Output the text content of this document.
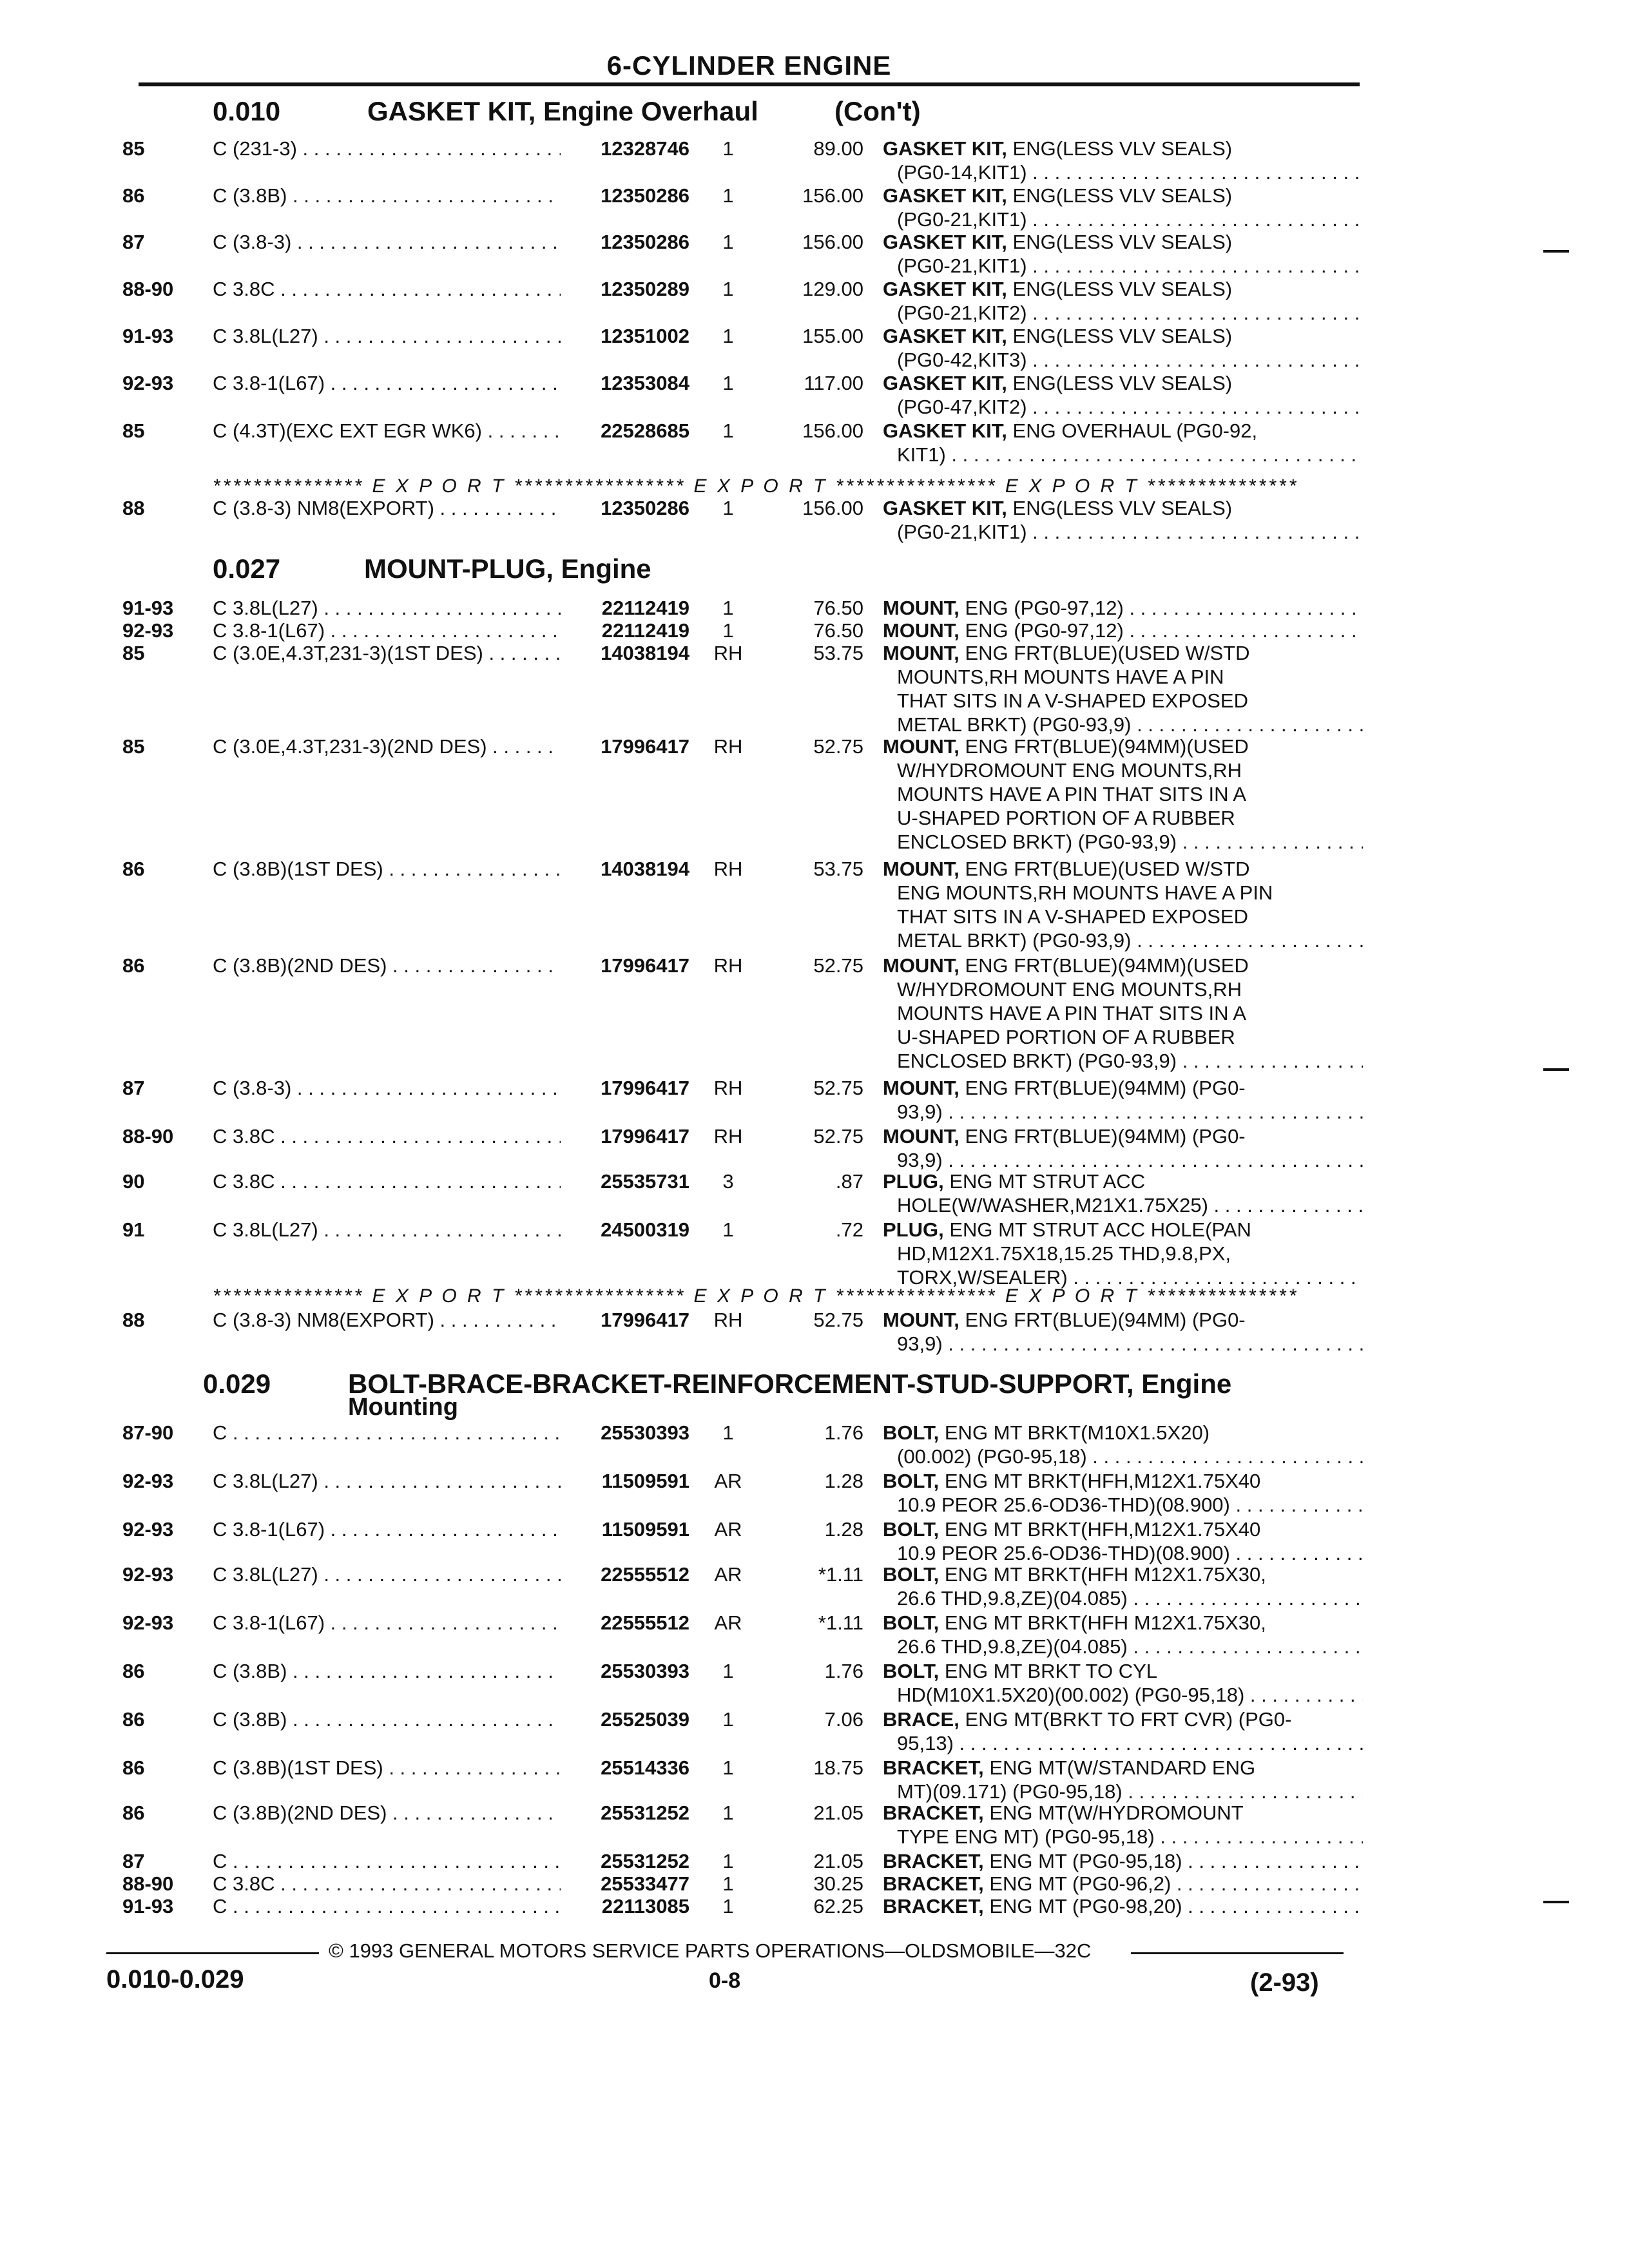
6-CYLINDER ENGINE
0.010	GASKET KIT, Engine Overhaul	(Con't)
85	C (231-3) . . .	12328746	1	89.00 GASKET KIT, ENG(LESS VLV SEALS)
(PG0-14,KIT1) . . .
86	C (3.8B) . . .	12350286	1	156.00 GASKET KIT, ENG(LESS VLV SEALS)
(PG0-21,KIT1) . . .
87	C (3.8-3) . . .	12350286	1	156.00 GASKET KIT, ENG(LESS VLV SEALS)
(PG0-21,KIT1) . . .
88-90 C 3.8C . . .	12350289	1	129.00 GASKET KIT, ENG(LESS VLV SEALS)
(PG0-21,KIT2) . . .
91-93 C 3.8L(L27) . . .	12351002	1	155.00 GASKET KIT, ENG(LESS VLV SEALS)
(PG0-42,KIT3) . . .
92-93 C 3.8-1(L67) . . .	12353084	1	117.00 GASKET KIT, ENG(LESS VLV SEALS)
(PG0-47,KIT2) . . .
85	C (4.3T)(EXC EXT EGR WK6) . . .	22528685	1	156.00 GASKET KIT, ENG OVERHAUL (PG0-92,
KIT1) . . .
*************** E X P O R T ***************** E X P O R T **************** E X P O R T ***************
88	C (3.8-3) NM8(EXPORT) . . .	12350286	1	156.00 GASKET KIT, ENG(LESS VLV SEALS)
(PG0-21,KIT1) . . .
0.027	MOUNT-PLUG, Engine
91-93 C 3.8L(L27) . . .	22112419	1	76.50 MOUNT, ENG (PG0-97,12) . . .
92-93 C 3.8-1(L67) . . .	22112419	1	76.50 MOUNT, ENG (PG0-97,12) . . .
85	C (3.0E,4.3T,231-3)(1ST DES) . . .	14038194	RH	53.75 MOUNT, ENG FRT(BLUE)(USED W/STD
MOUNTS,RH MOUNTS HAVE A PIN
THAT SITS IN A V-SHAPED EXPOSED
METAL BRKT) (PG0-93,9) . . .
85	C (3.0E,4.3T,231-3)(2ND DES) . . .	17996417	RH	52.75 MOUNT, ENG FRT(BLUE)(94MM)(USED
W/HYDROMOUNT ENG MOUNTS,RH
MOUNTS HAVE A PIN THAT SITS IN A
U-SHAPED PORTION OF A RUBBER
ENCLOSED BRKT) (PG0-93,9) . . .
86	C (3.8B)(1ST DES) . . .	14038194	RH	53.75 MOUNT, ENG FRT(BLUE)(USED W/STD
ENG MOUNTS,RH MOUNTS HAVE A PIN
THAT SITS IN A V-SHAPED EXPOSED
METAL BRKT) (PG0-93,9) . . .
86	C (3.8B)(2ND DES) . . .	17996417	RH	52.75 MOUNT, ENG FRT(BLUE)(94MM)(USED
W/HYDROMOUNT ENG MOUNTS,RH
MOUNTS HAVE A PIN THAT SITS IN A
U-SHAPED PORTION OF A RUBBER
ENCLOSED BRKT) (PG0-93,9) . . .
87	C (3.8-3) . . .	17996417	RH	52.75 MOUNT, ENG FRT(BLUE)(94MM) (PG0-
93,9) . . .
88-90 C 3.8C . . .	17996417	RH	52.75 MOUNT, ENG FRT(BLUE)(94MM) (PG0-
93,9) . . .
90	C 3.8C . . .	25535731	3	.87 PLUG, ENG MT STRUT ACC
HOLE(W/WASHER,M21X1.75X25) . . .
91	C 3.8L(L27) . . .	24500319	1	.72 PLUG, ENG MT STRUT ACC HOLE(PAN
HD,M12X1.75X18,15.25 THD,9.8,PX,
TORX,W/SEALER) . . .
*************** E X P O R T ***************** E X P O R T **************** E X P O R T ***************
88	C (3.8-3) NM8(EXPORT) . . .	17996417	RH	52.75 MOUNT, ENG FRT(BLUE)(94MM) (PG0-
93,9) . . .
0.029	BOLT-BRACE-BRACKET-REINFORCEMENT-STUD-SUPPORT, Engine
Mounting
87-90 C . . .	25530393	1	1.76 BOLT, ENG MT BRKT(M10X1.5X20)
(00.002) (PG0-95,18) . . .
92-93 C 3.8L(L27) . . .	11509591	AR	1.28 BOLT, ENG MT BRKT(HFH,M12X1.75X40
10.9 PEOR 25.6-OD36-THD)(08.900) . . .
92-93 C 3.8-1(L67) . . .	11509591	AR	1.28 BOLT, ENG MT BRKT(HFH,M12X1.75X40
10.9 PEOR 25.6-OD36-THD)(08.900) . . .
92-93 C 3.8L(L27) . . .	22555512	AR	*1.11 BOLT, ENG MT BRKT(HFH M12X1.75X30,
26.6 THD,9.8,ZE)(04.085) . . .
92-93 C 3.8-1(L67) . . .	22555512	AR	*1.11 BOLT, ENG MT BRKT(HFH M12X1.75X30,
26.6 THD,9.8,ZE)(04.085) . . .
86	C (3.8B) . . .	25530393	1	1.76 BOLT, ENG MT BRKT TO CYL
HD(M10X1.5X20)(00.002) (PG0-95,18) . . .
86	C (3.8B) . . .	25525039	1	7.06 BRACE, ENG MT(BRKT TO FRT CVR) (PG0-
95,13) . . .
86	C (3.8B)(1ST DES) . . .	25514336	1	18.75 BRACKET, ENG MT(W/STANDARD ENG
MT)(09.171) (PG0-95,18) . . .
86	C (3.8B)(2ND DES) . . .	25531252	1	21.05 BRACKET, ENG MT(W/HYDROMOUNT
TYPE ENG MT) (PG0-95,18) . . .
87	C . . .	25531252	1	21.05 BRACKET, ENG MT (PG0-95,18) . . .
88-90 C 3.8C . . .	25533477	1	30.25 BRACKET, ENG MT (PG0-96,2) . . .
91-93 C . . .	22113085	1	62.25 BRACKET, ENG MT (PG0-98,20) . . .
© 1993 GENERAL MOTORS SERVICE PARTS OPERATIONS—OLDSMOBILE—32C
0.010-0.029	0-8	(2-93)
